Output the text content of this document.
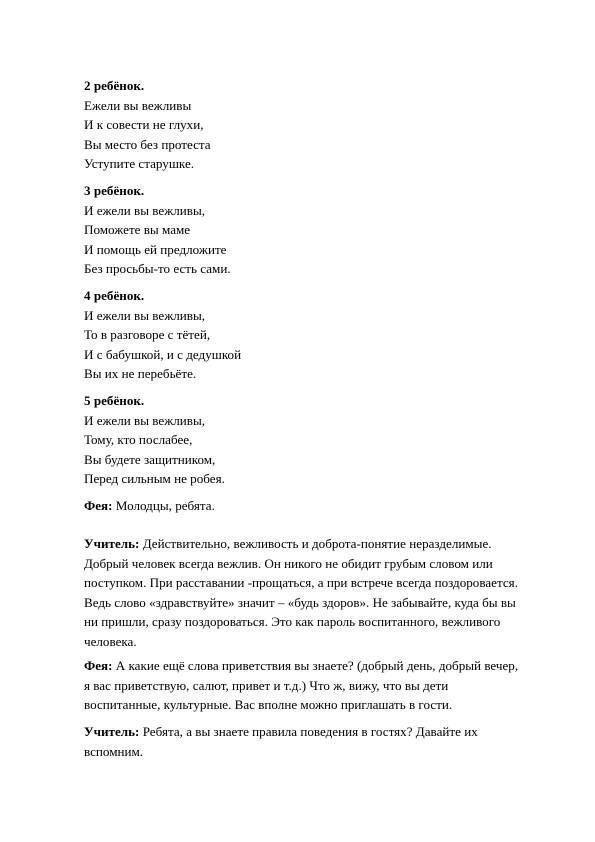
2 ребёнок.
Ежели вы вежливы
И к совести не глухи,
Вы место без протеста
Уступите старушке.
3 ребёнок.
И ежели вы вежливы,
Поможете вы маме
И помощь ей предложите
Без просьбы-то есть сами.
4 ребёнок.
И ежели вы вежливы,
То в разговоре с тётей,
И с бабушкой, и с дедушкой
Вы их не перебьёте.
5 ребёнок.
И ежели вы вежливы,
Тому, кто послабее,
Вы будете защитником,
Перед сильным не робея.
Фея: Молодцы, ребята.
Учитель: Действительно, вежливость и доброта-понятие неразделимые.
Добрый человек всегда вежлив. Он никого не обидит грубым словом или
поступком. При расставании -прощаться, а при встрече всегда поздоровается.
Ведь слово «здравствуйте» значит – «будь здоров». Не забывайте, куда бы вы
ни пришли, сразу поздороваться. Это как пароль воспитанного, вежливого
человека.
Фея: А какие ещё слова приветствия вы знаете? (добрый день, добрый вечер,
я вас приветствую, салют, привет и т.д.) Что ж, вижу, что вы дети
воспитанные, культурные. Вас вполне можно приглашать в гости.
Учитель: Ребята, а вы знаете правила поведения в гостях? Давайте их
вспомним.
